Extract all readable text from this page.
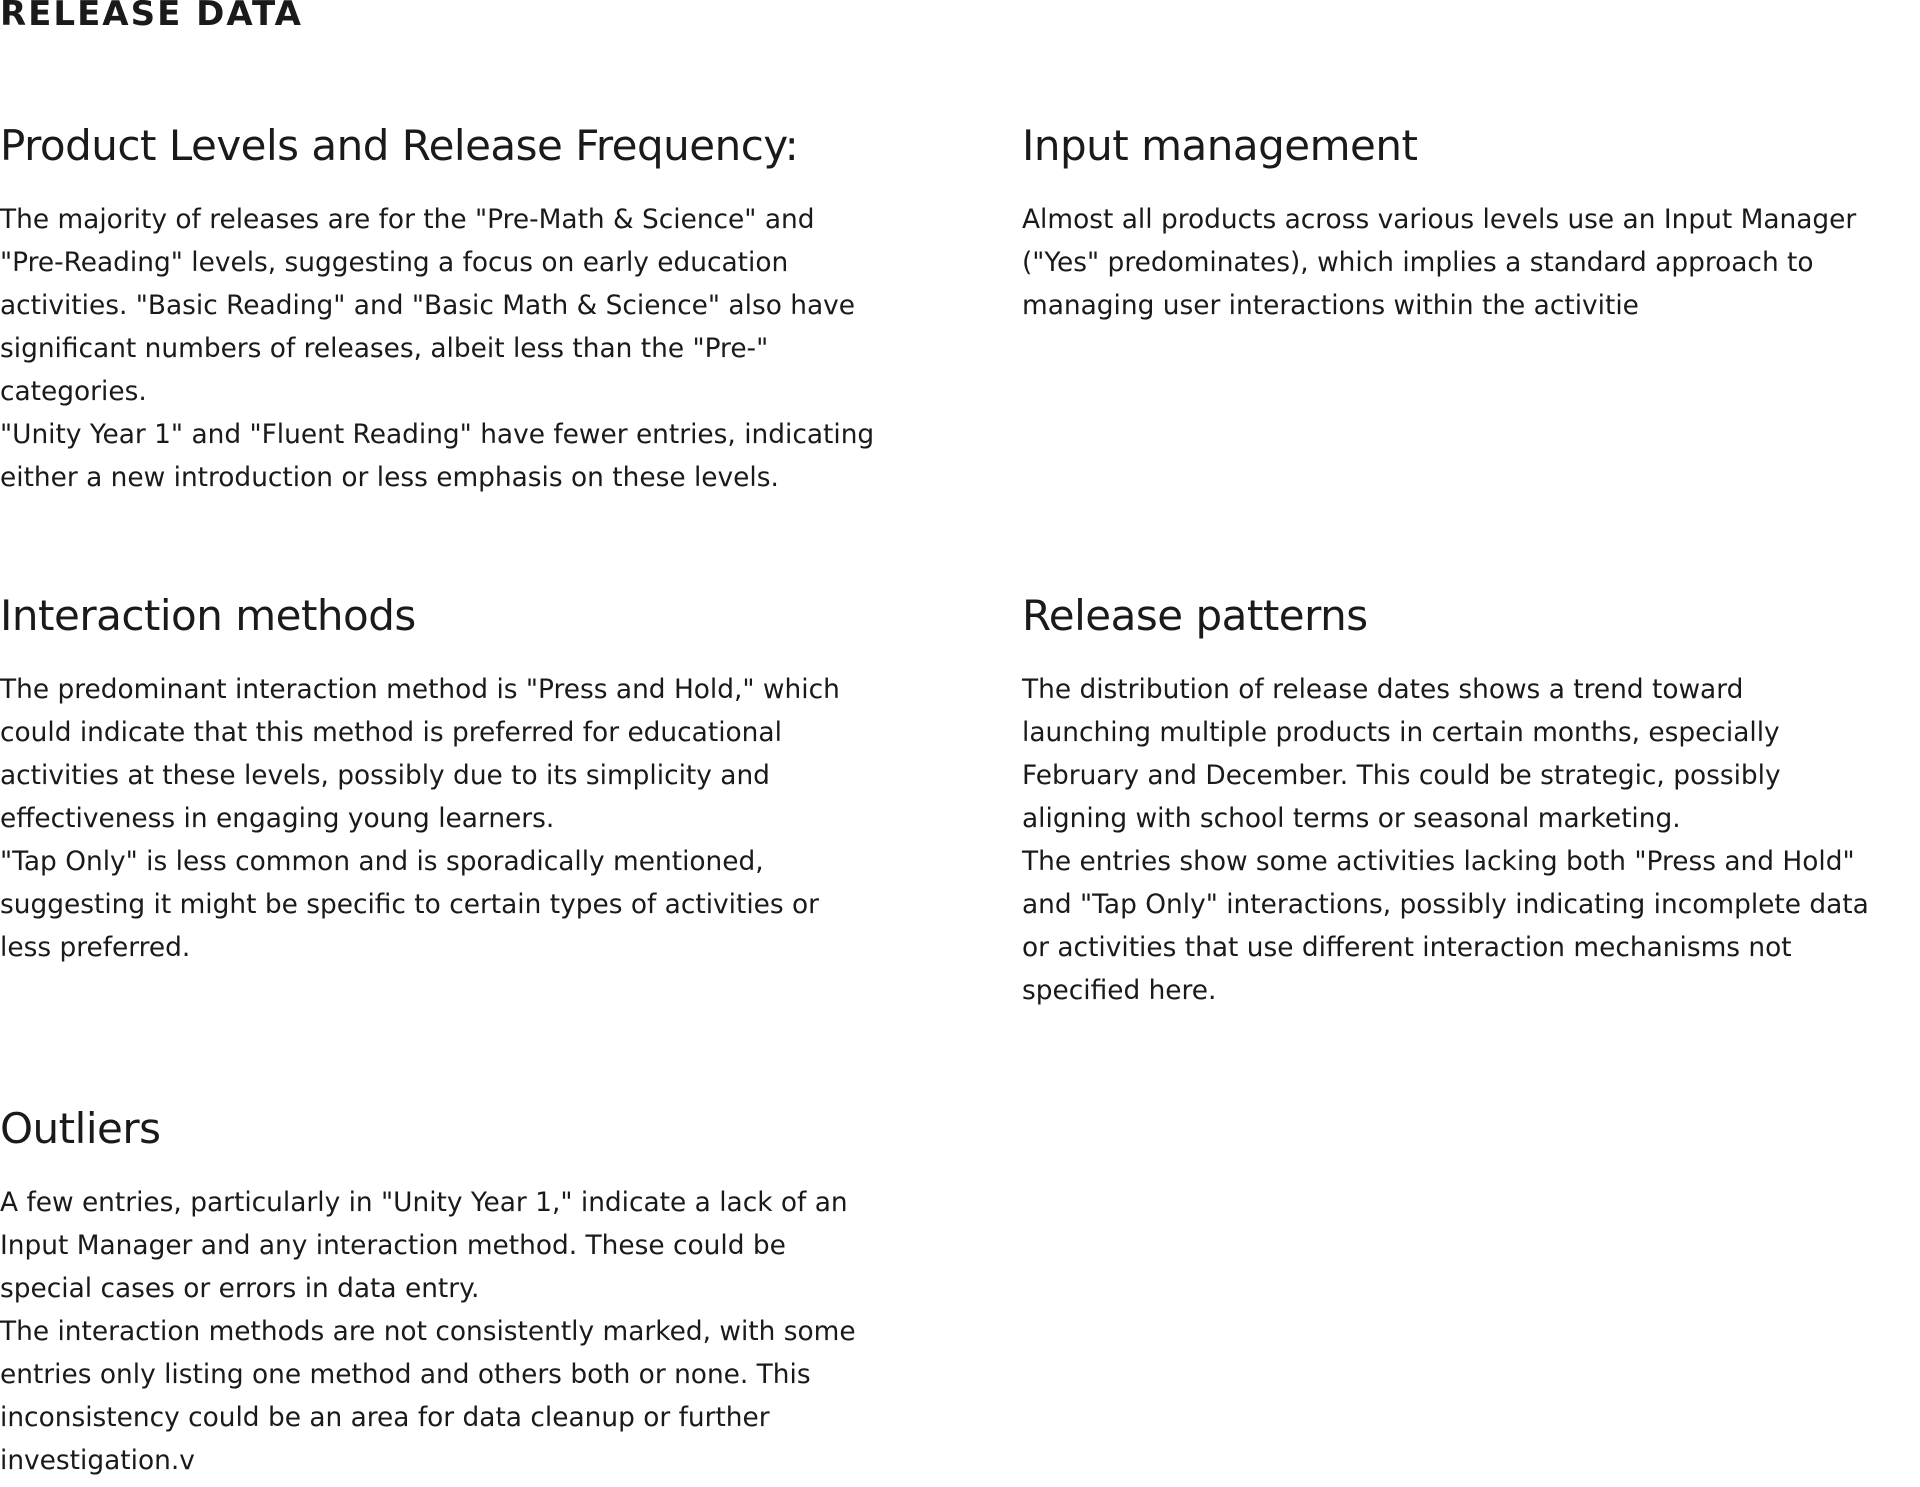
RELEASE DATA
Product Levels and Release Frequency:

The majority of releases are for the "Pre-Math & Science" and

"Pre-Reading" levels, suggesting a focus on early education

activities. "Basic Reading" and "Basic Math & Science" also have

significant numbers of releases, albeit less than the "Pre-"

categories.

"Unity Year 1" and "Fluent Reading" have fewer entries, indicating

either a new introduction or less emphasis on these levels.

Input management

Almost all products across various levels use an Input Manager

("Yes" predominates), which implies a standard approach to

managing user interactions within the activitie

Interaction methods

The predominant interaction method is "Press and Hold," which

could indicate that this method is preferred for educational

activities at these levels, possibly due to its simplicity and

effectiveness in engaging young learners.

"Tap Only" is less common and is sporadically mentioned,

suggesting it might be specific to certain types of activities or

less preferred.

Release patterns

The distribution of release dates shows a trend toward

launching multiple products in certain months, especially

February and December. This could be strategic, possibly

aligning with school terms or seasonal marketing.

The entries show some activities lacking both "Press and Hold"

and "Tap Only" interactions, possibly indicating incomplete data

or activities that use different interaction mechanisms not

specified here.

Outliers

A few entries, particularly in "Unity Year 1," indicate a lack of an

Input Manager and any interaction method. These could be

special cases or errors in data entry.

The interaction methods are not consistently marked, with some

entries only listing one method and others both or none. This

inconsistency could be an area for data cleanup or further

investigation.v
